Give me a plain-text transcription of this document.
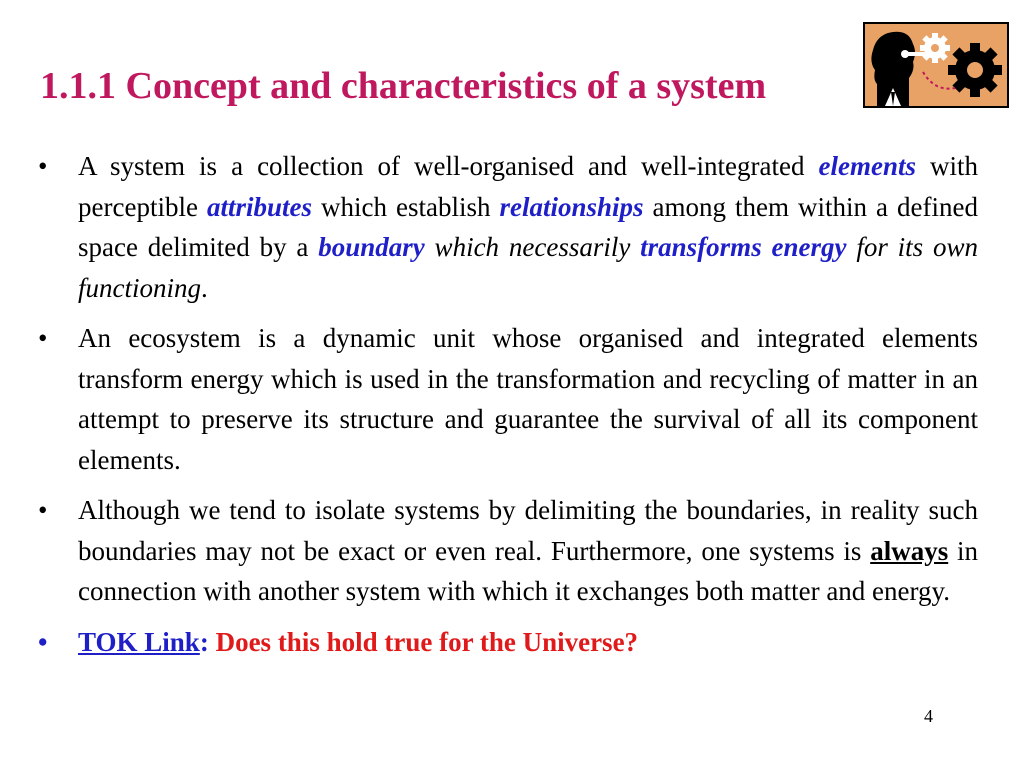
1.1.1 Concept and characteristics of a system
• A system is a collection of well-organised and well-integrated elements with perceptible attributes which establish relationships among them within a defined space delimited by a boundary which necessarily transforms energy for its own functioning.
• An ecosystem is a dynamic unit whose organised and integrated elements transform energy which is used in the transformation and recycling of matter in an attempt to preserve its structure and guarantee the survival of all its component elements.
• Although we tend to isolate systems by delimiting the boundaries, in reality such boundaries may not be exact or even real. Furthermore, one systems is always in connection with another system with which it exchanges both matter and energy.
• TOK Link: Does this hold true for the Universe?
4
